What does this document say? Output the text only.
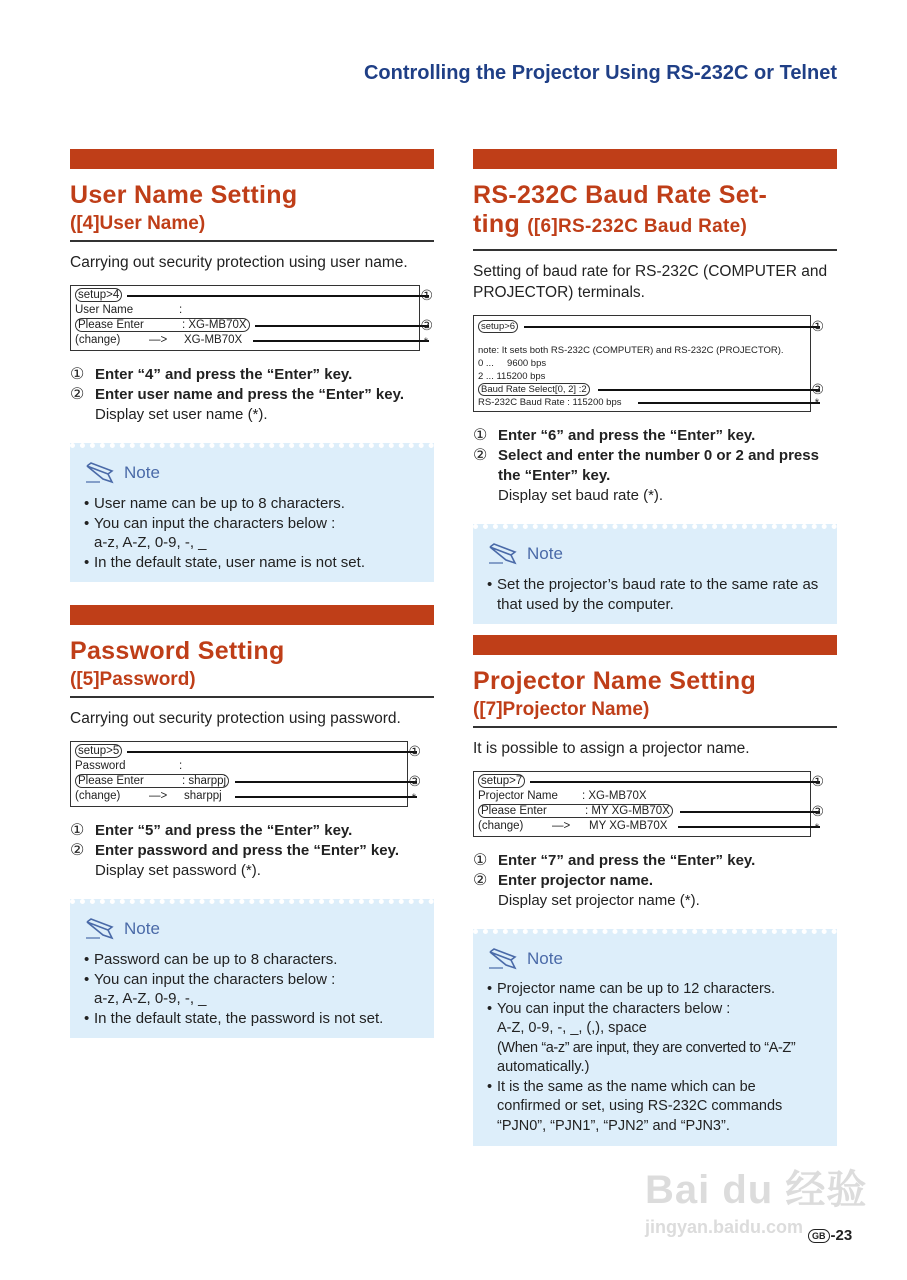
Controlling the Projector Using RS-232C or Telnet
User Name Setting
([4]User Name)
Carrying out security protection using user name.
setup>4

	①
User Name	:
Please Enter	: XG-MB70X

	②
(change) —> XG-MB70X

	*
① Enter “4” and press the “Enter” key.
② Enter user name and press the “Enter” key.
Display set user name (*).
Note
• User name can be up to 8 characters.
• You can input the characters below :
a-z, A-Z, 0-9, -, _
• In the default state, user name is not set.
Password Setting
([5]Password)
Carrying out security protection using password.
setup>5

	①
Password	:
Please Enter	: sharppj

	②
(change) —> sharppj

	*
① Enter “5” and press the “Enter” key.
② Enter password and press the “Enter” key.
Display set password (*).
Note
• Password can be up to 8 characters.
• You can input the characters below :
a-z, A-Z, 0-9, -, _
• In the default state, the password is not set.
RS-232C Baud Rate Set-
ting ([6]RS-232C Baud Rate)
Setting of baud rate for RS-232C (COMPUTER and PROJECTOR) terminals.
setup>6

	①
note: It sets both RS-232C (COMPUTER) and RS-232C (PROJECTOR).
0 ...     9600 bps
2 ... 115200 bps
Baud Rate Select[0, 2] :2

	②
RS-232C Baud Rate : 115200 bps

	*
① Enter “6” and press the “Enter” key.
② Select and enter the number 0 or 2 and press the “Enter” key.
Display set baud rate (*).
Note
• Set the projector’s baud rate to the same rate as that used by the computer.
Projector Name Setting
([7]Projector Name)
It is possible to assign a projector name.
setup>7

	①
Projector Name : XG-MB70X
Please Enter	: MY XG-MB70X

	②
(change) —> MY XG-MB70X

	*
① Enter “7” and press the “Enter” key.
② Enter projector name.
Display set projector name (*).
Note
• Projector name can be up to 12 characters.
• You can input the characters below :
A-Z, 0-9, -, _, (,), space
(When “a-z” are input, they are converted to “A-Z”
automatically.)
• It is the same as the name which can be confirmed or set, using RS-232C commands “PJN0”, “PJN1”, “PJN2” and “PJN3”.
Bai du 经验
jingyan.baidu.com GB -23
